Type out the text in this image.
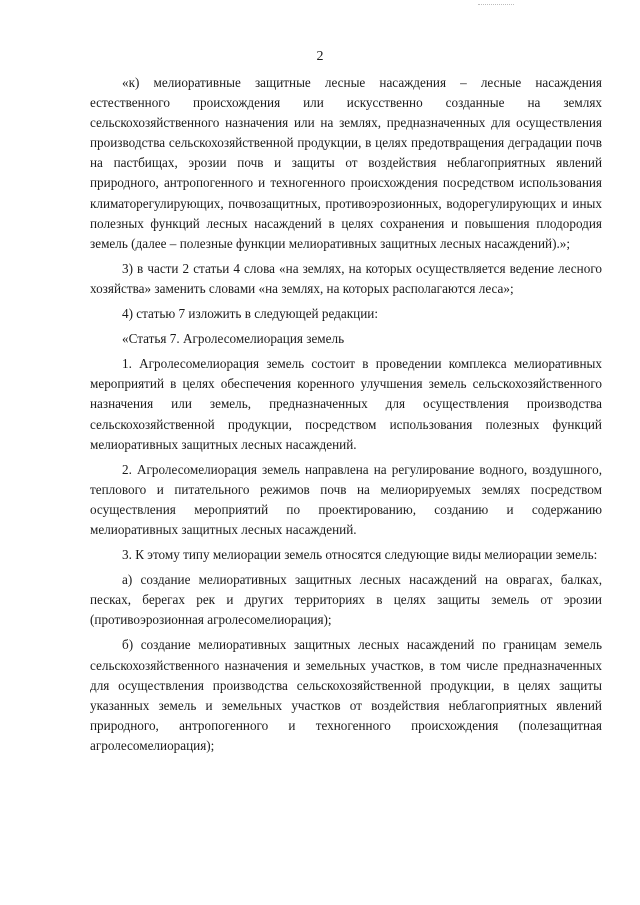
2

«к) мелиоративные защитные лесные насаждения – лесные насаждения естественного происхождения или искусственно созданные на землях сельскохозяйственного назначения или на землях, предназначенных для осуществления производства сельскохозяйственной продукции, в целях предотвращения деградации почв на пастбищах, эрозии почв и защиты от воздействия неблагоприятных явлений природного, антропогенного и техногенного происхождения посредством использования климатoрегулирующих, почвозащитных, противоэрозионных, водорегулирующих и иных полезных функций лесных насаждений в целях сохранения и повышения плодородия земель (далее – полезные функции мелиоративных защитных лесных насаждений).»;

3) в части 2 статьи 4 слова «на землях, на которых осуществляется ведение лесного хозяйства» заменить словами «на землях, на которых располагаются леса»;

4) статью 7 изложить в следующей редакции:

«Статья 7. Агролесомелиорация земель

1. Агролесомелиорация земель состоит в проведении комплекса мелиоративных мероприятий в целях обеспечения коренного улучшения земель сельскохозяйственного назначения или земель, предназначенных для осуществления производства сельскохозяйственной продукции, посредством использования полезных функций мелиоративных защитных лесных насаждений.

2. Агролесомелиорация земель направлена на регулирование водного, воздушного, теплового и питательного режимов почв на мелиорируемых землях посредством осуществления мероприятий по проектированию, созданию и содержанию мелиоративных защитных лесных насаждений.

3. К этому типу мелиорации земель относятся следующие виды мелиорации земель:

а) создание мелиоративных защитных лесных насаждений на оврагах, балках, песках, берегах рек и других территориях в целях защиты земель от эрозии (противоэрозионная агролесомелиорация);

б) создание мелиоративных защитных лесных насаждений по границам земель сельскохозяйственного назначения и земельных участков, в том числе предназначенных для осуществления производства сельскохозяйственной продукции, в целях защиты указанных земель и земельных участков от воздействия неблагоприятных явлений природного, антропогенного и техногенного происхождения (полезащитная агролесомелиорация);
